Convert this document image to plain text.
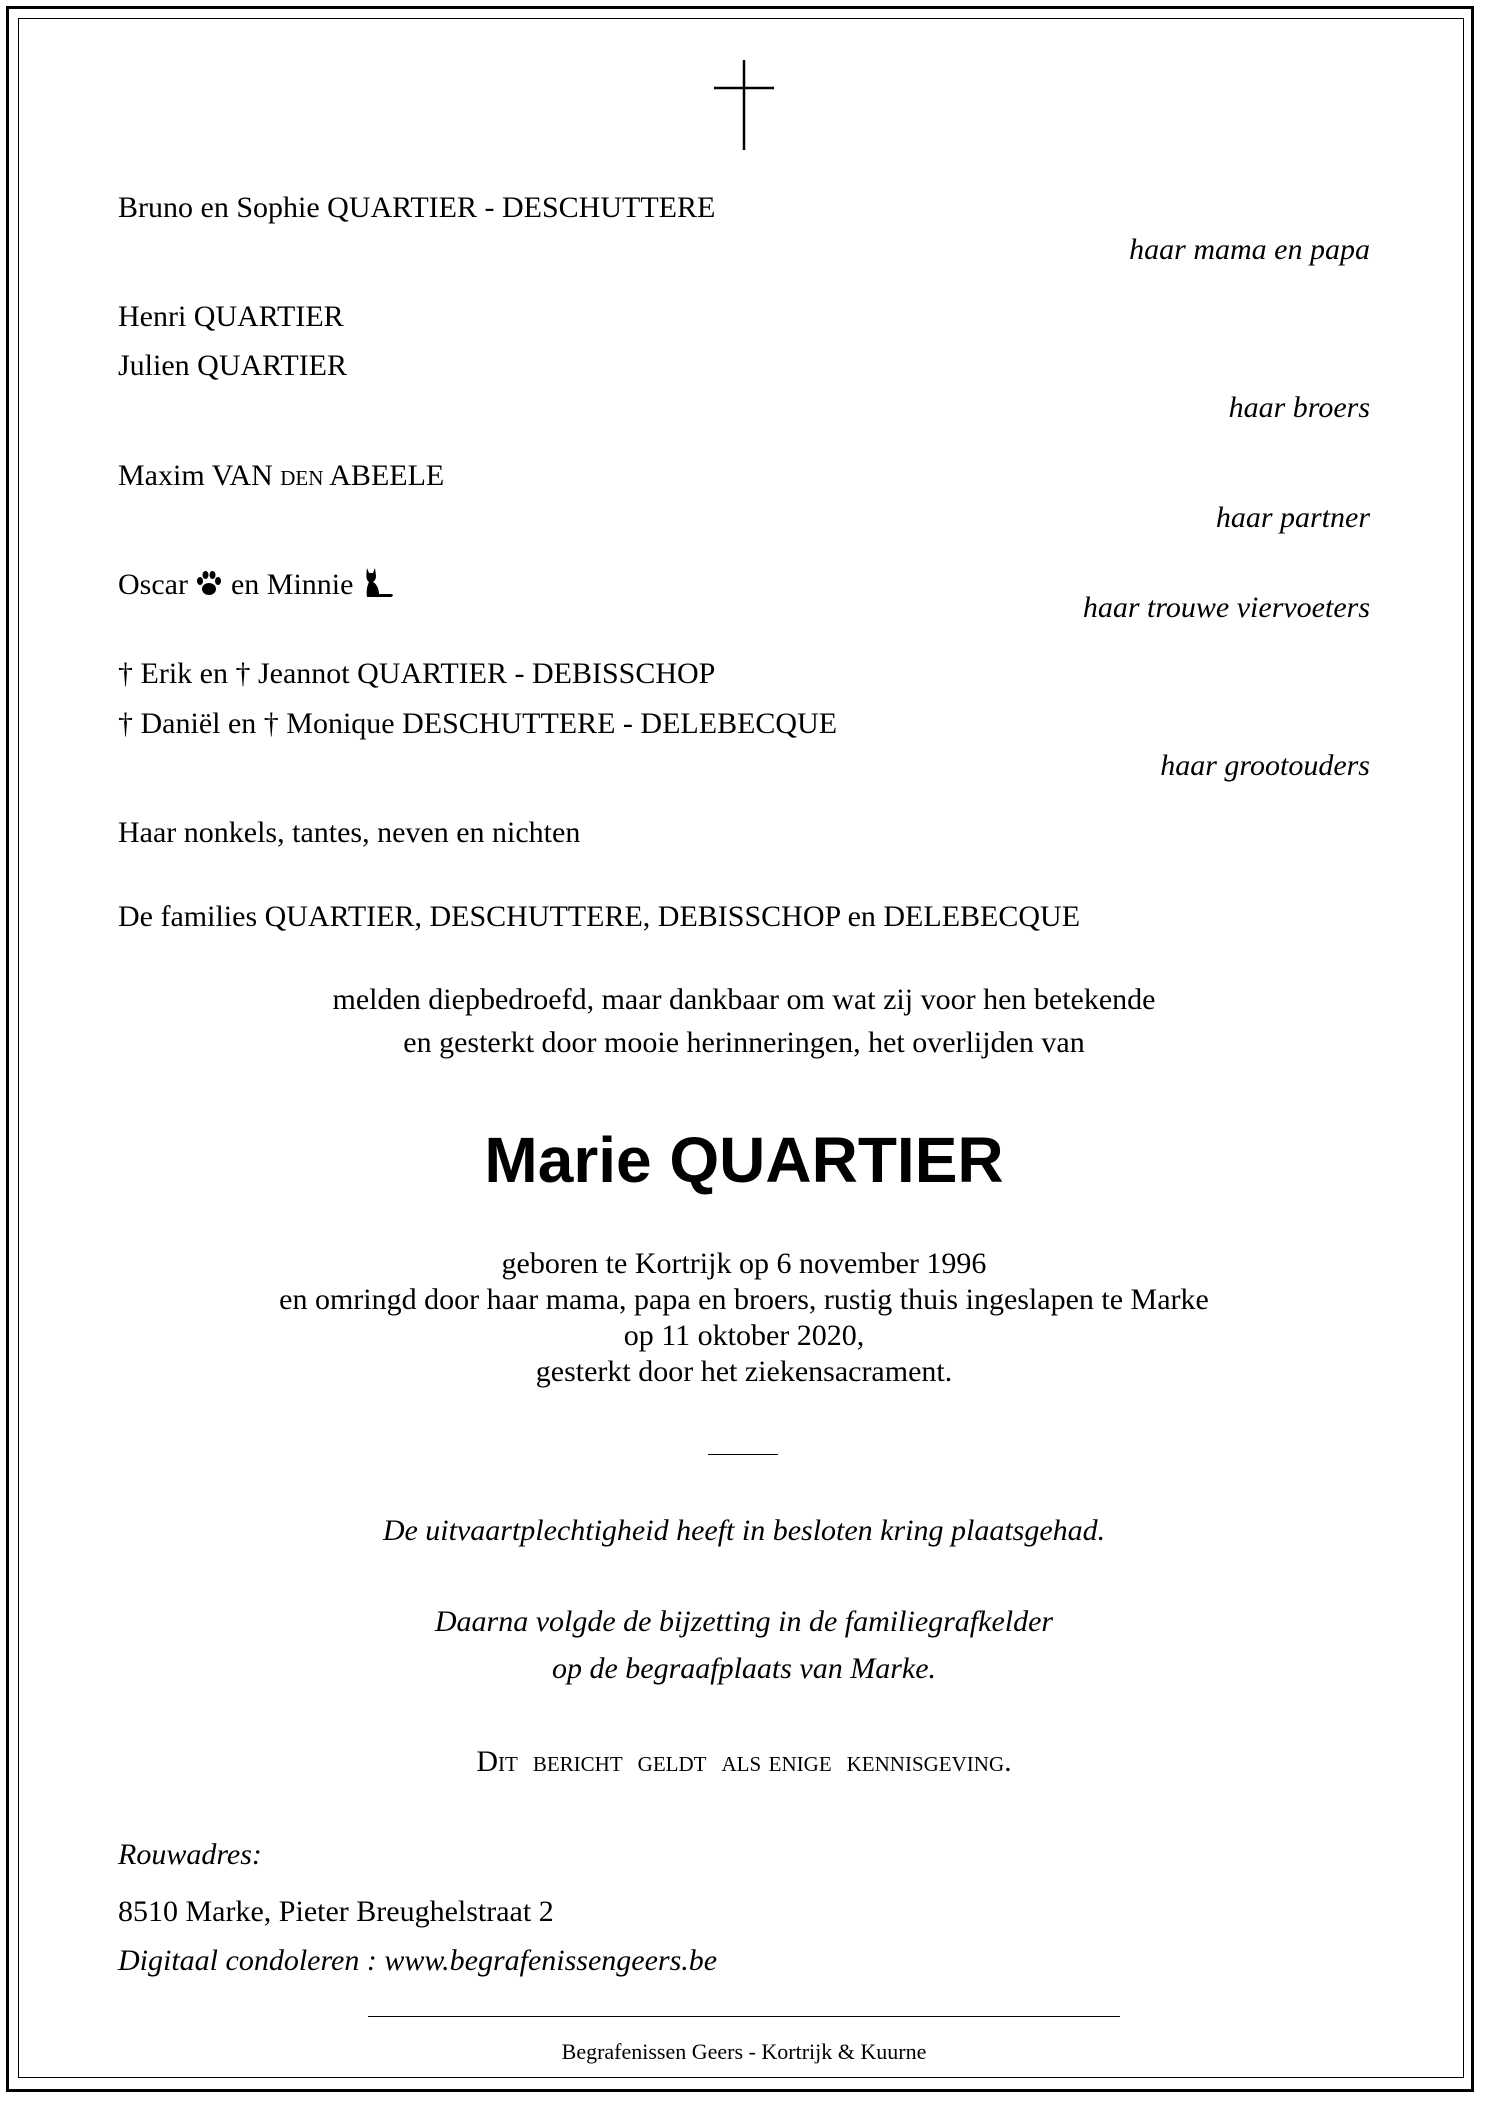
Bruno en Sophie QUARTIER - DESCHUTTERE
haar mama en papa
Henri QUARTIER
Julien QUARTIER
haar broers
Maxim VAN den ABEELE
haar partner
Oscar en Minnie
haar trouwe viervoeters
† Erik en † Jeannot QUARTIER - DEBISSCHOP
† Daniël en † Monique DESCHUTTERE - DELEBECQUE
haar grootouders
Haar nonkels, tantes, neven en nichten
De families QUARTIER, DESCHUTTERE, DEBISSCHOP en DELEBECQUE
melden diepbedroefd, maar dankbaar om wat zij voor hen betekende
en gesterkt door mooie herinneringen, het overlijden van
Marie QUARTIER
geboren te Kortrijk op 6 november 1996
en omringd door haar mama, papa en broers, rustig thuis ingeslapen te Marke
op 11 oktober 2020,
gesterkt door het ziekensacrament.
De uitvaartplechtigheid heeft in besloten kring plaatsgehad.
Daarna volgde de bijzetting in de familiegrafkelder
op de begraafplaats van Marke.
Dit  bericht  geldt  als enige  kennisgeving.
Rouwadres:
8510 Marke, Pieter Breughelstraat 2
Digitaal condoleren : www.begrafenissengeers.be
Begrafenissen Geers - Kortrijk & Kuurne
